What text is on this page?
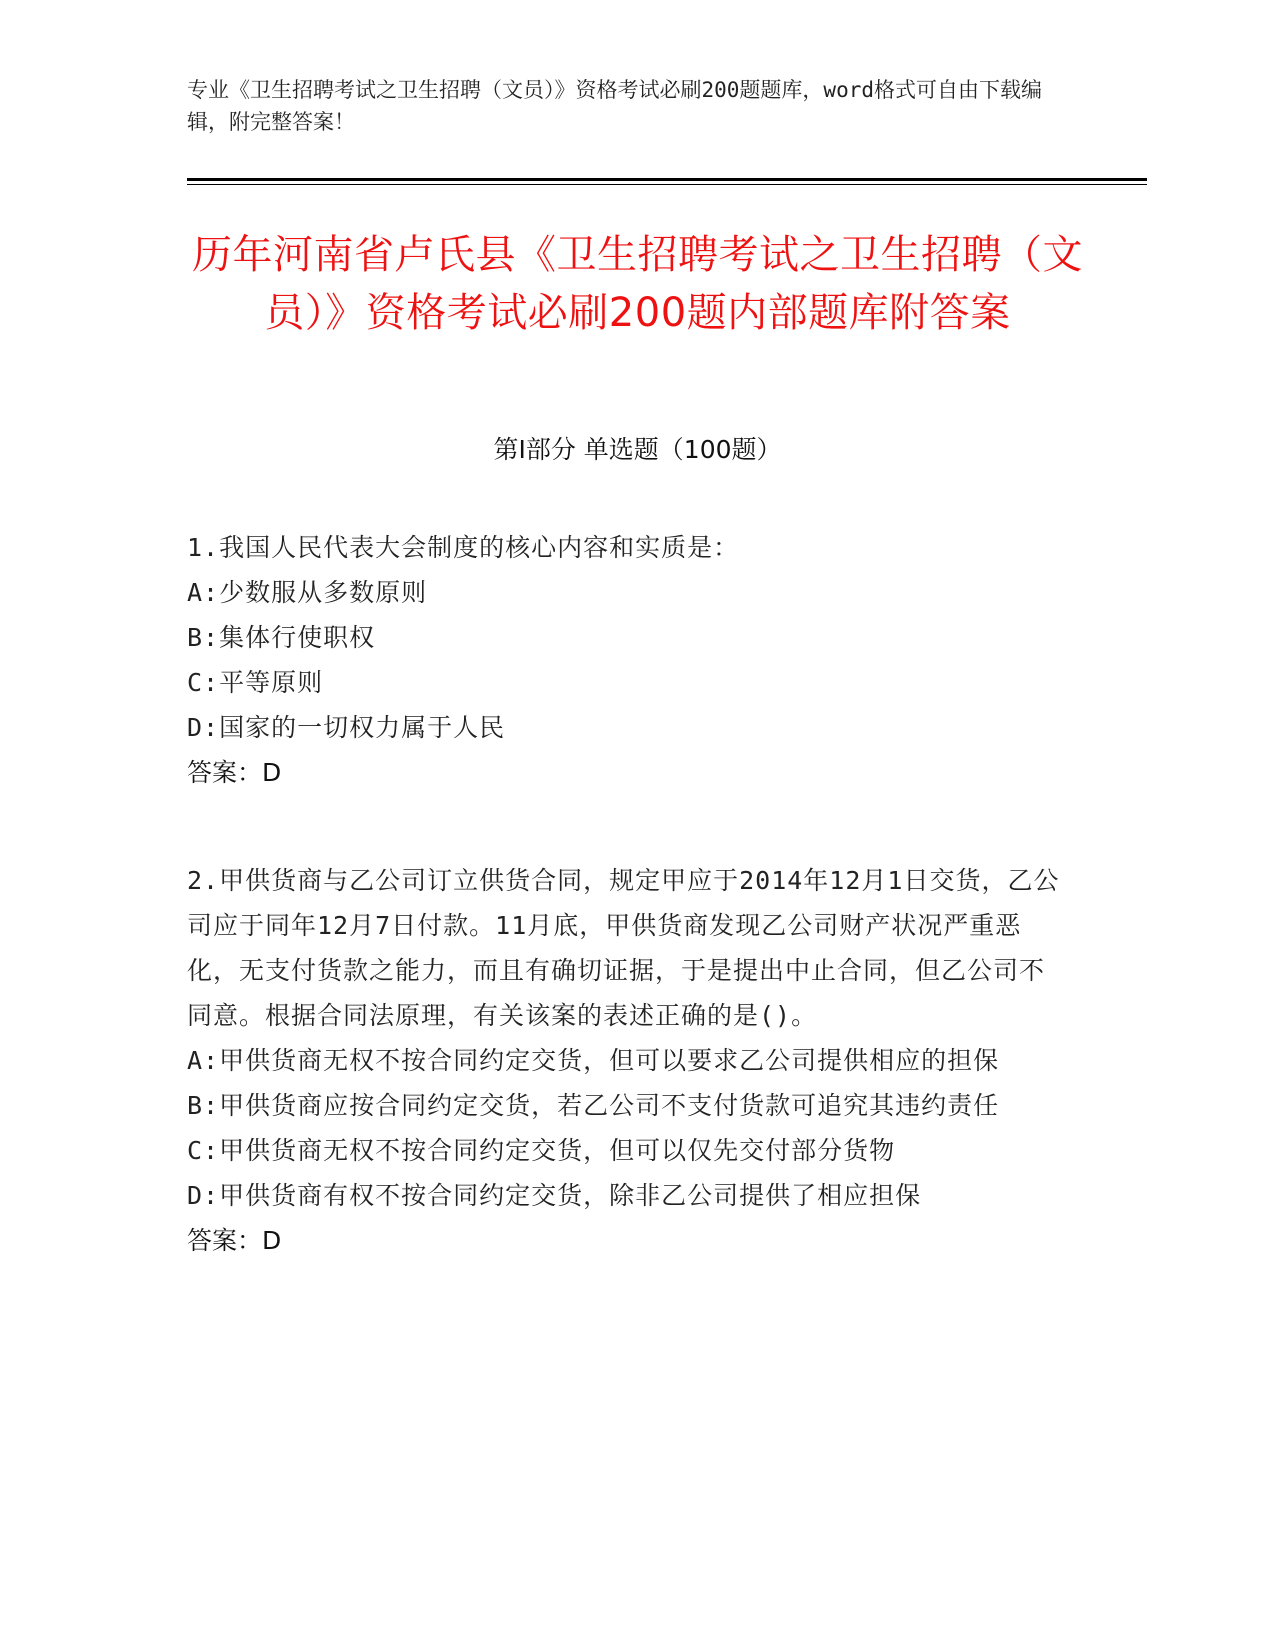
专业《卫生招聘考试之卫生招聘（文员）》资格考试必刷200题题库，word格式可自由下载编辑，附完整答案！
历年河南省卢氏县《卫生招聘考试之卫生招聘（文员）》资格考试必刷200题内部题库附答案
第I部分 单选题（100题）
1.我国人民代表大会制度的核心内容和实质是：
A: 少数服从多数原则
B: 集体行使职权
C: 平等原则
D: 国家的一切权力属于人民
答案：D
2.甲供货商与乙公司订立供货合同，规定甲应于2014年12月1日交货，乙公司应于同年12月7日付款。11月底，甲供货商发现乙公司财产状况严重恶化，无支付货款之能力，而且有确切证据，于是提出中止合同，但乙公司不同意。根据合同法原理，有关该案的表述正确的是()。
A: 甲供货商无权不按合同约定交货，但可以要求乙公司提供相应的担保
B: 甲供货商应按合同约定交货，若乙公司不支付货款可追究其违约责任
C: 甲供货商无权不按合同约定交货，但可以仅先交付部分货物
D: 甲供货商有权不按合同约定交货，除非乙公司提供了相应担保
答案：D
